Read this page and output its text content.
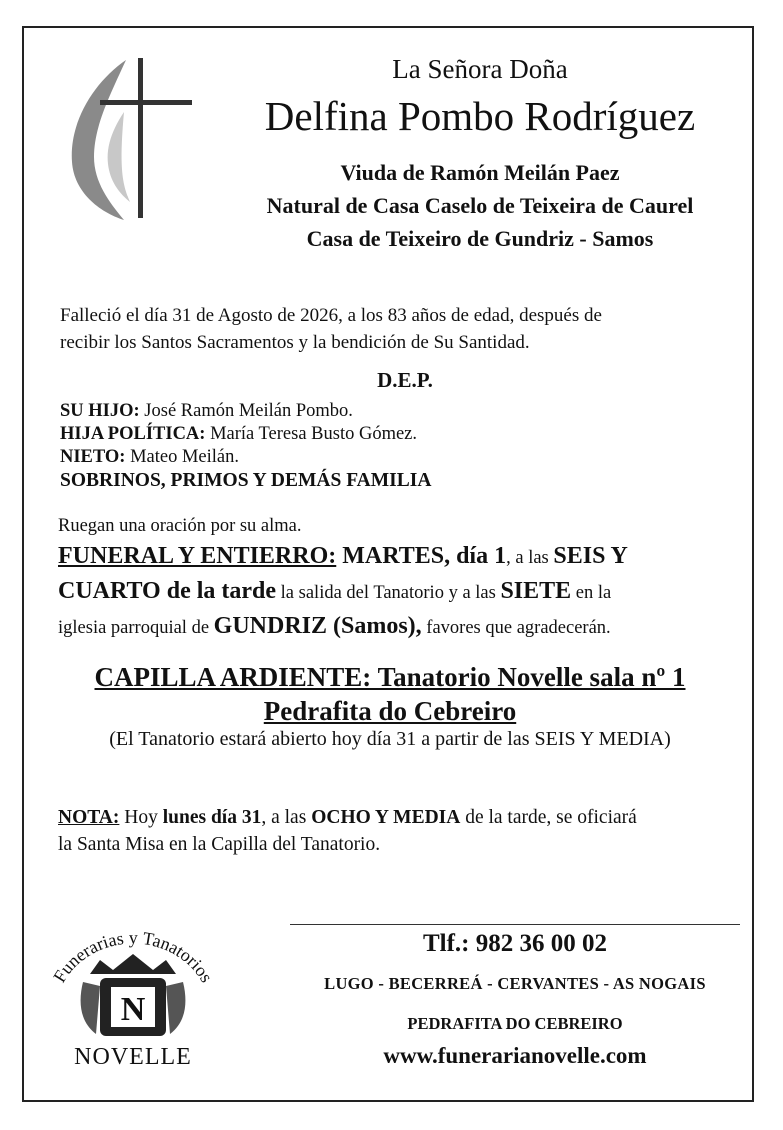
La Señora Doña
Delfina Pombo Rodríguez
Viuda de Ramón Meilán Paez
Natural de Casa Caselo de Teixeira de Caurel
Casa de Teixeiro de Gundriz - Samos
Falleció el día 31 de Agosto de 2026, a los 83 años de edad, después de
recibir los Santos Sacramentos y la bendición de Su Santidad.
D.E.P.
SU HIJO: José Ramón Meilán Pombo.
HIJA POLÍTICA: María Teresa Busto Gómez.
NIETO: Mateo Meilán.
SOBRINOS, PRIMOS Y DEMÁS FAMILIA
Ruegan una oración por su alma.
FUNERAL Y ENTIERRO: MARTES, día 1, a las SEIS Y
CUARTO de la tarde la salida del Tanatorio y a las SIETE en la
iglesia parroquial de GUNDRIZ (Samos), favores que agradecerán.
CAPILLA ARDIENTE: Tanatorio Novelle sala nº 1
Pedrafita do Cebreiro
(El Tanatorio estará abierto hoy día 31 a partir de las SEIS Y MEDIA)
NOTA: Hoy lunes día 31, a las OCHO Y MEDIA de la tarde, se oficiará
la Santa Misa en la Capilla del Tanatorio.
Funerarias y Tanatorios
N
NOVELLE
Tlf.: 982 36 00 02
LUGO - BECERREÁ - CERVANTES - AS NOGAIS
PEDRAFITA DO CEBREIRO
www.funerarianovelle.com
